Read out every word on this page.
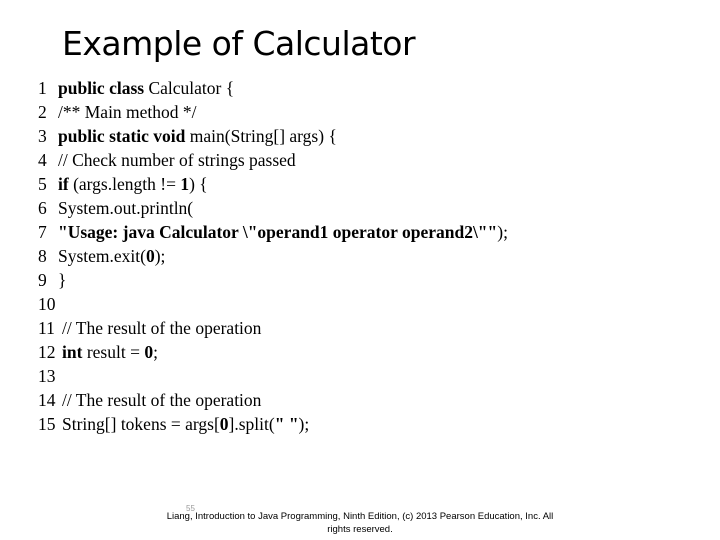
Example of Calculator
1 public class Calculator {
2 /** Main method */
3 public static void main(String[] args) {
4 // Check number of strings passed
5 if (args.length != 1) {
6 System.out.println(
7 "Usage: java Calculator \"operand1 operator operand2\"");
8 System.exit(0);
9 }
10
11 // The result of the operation
12 int result = 0;
13
14 // The result of the operation
15 String[] tokens = args[0].split(" ");
55
Liang, Introduction to Java Programming, Ninth Edition, (c) 2013 Pearson Education, Inc. All
rights reserved.
